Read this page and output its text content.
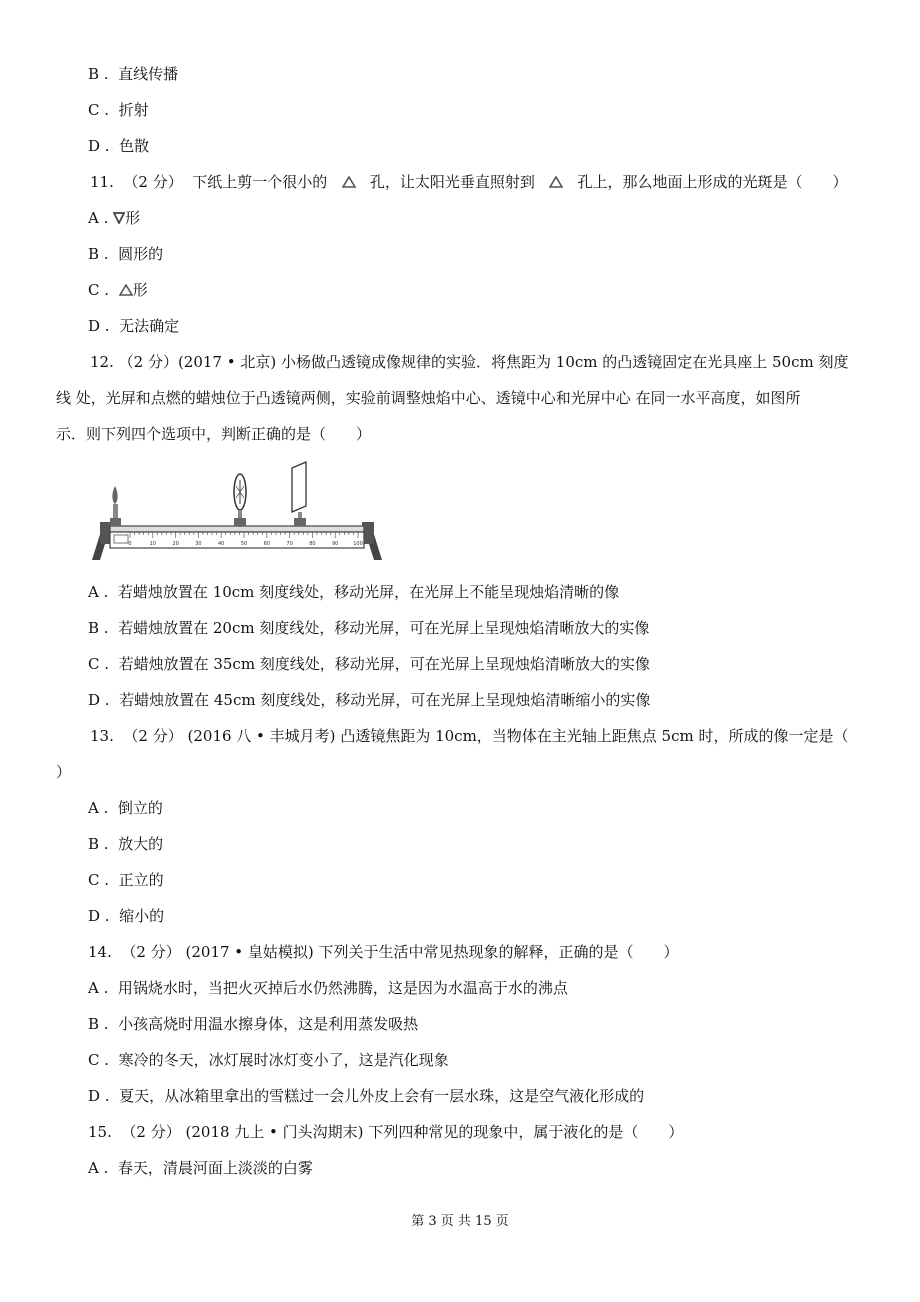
B . 直线传播
C . 折射
D . 色散
11. （2 分） 下纸上剪一个很小的	孔，让太阳光垂直照射到	孔上，那么地面上形成的光斑是（　　）
A . 形
B . 圆形的
C . 形
D . 无法确定
12. （2 分）(2017 • 北京) 小杨做凸透镜成像规律的实验．将焦距为 10cm 的凸透镜固定在光具座上 50cm 刻度
线 处，光屏和点燃的蜡烛位于凸透镜两侧，实验前调整烛焰中心、透镜中心和光屏中心 在同一水平高度，如图所
示．则下列四个选项中，判断正确的是（　　）
0	10	20	30	40	50	60	70	80	90	100
A . 若蜡烛放置在 10cm 刻度线处，移动光屏，在光屏上不能呈现烛焰清晰的像
B . 若蜡烛放置在 20cm 刻度线处，移动光屏，可在光屏上呈现烛焰清晰放大的实像
C . 若蜡烛放置在 35cm 刻度线处，移动光屏，可在光屏上呈现烛焰清晰放大的实像
D . 若蜡烛放置在 45cm 刻度线处，移动光屏，可在光屏上呈现烛焰清晰缩小的实像
13. （2 分） (2016 八 • 丰城月考) 凸透镜焦距为 10cm，当物体在主光轴上距焦点 5cm 时，所成的像一定是（
）
A . 倒立的
B . 放大的
C . 正立的
D . 缩小的
14. （2 分） (2017 • 皇姑模拟) 下列关于生活中常见热现象的解释，正确的是（　　）
A . 用锅烧水时，当把火灭掉后水仍然沸腾，这是因为水温高于水的沸点
B . 小孩高烧时用温水擦身体，这是利用蒸发吸热
C . 寒冷的冬天，冰灯展时冰灯变小了，这是汽化现象
D . 夏天，从冰箱里拿出的雪糕过一会儿外皮上会有一层水珠，这是空气液化形成的
15. （2 分） (2018 九上 • 门头沟期末) 下列四种常见的现象中，属于液化的是（　　）
A . 春天，清晨河面上淡淡的白雾
第 3 页 共 15 页
